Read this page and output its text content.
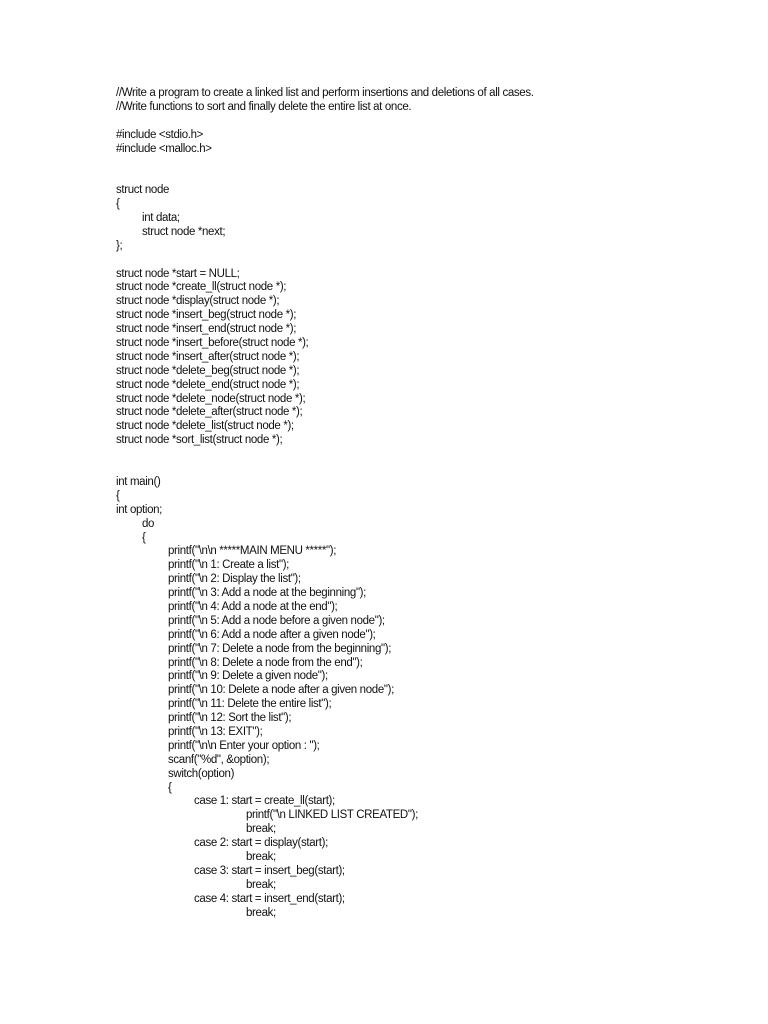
//Write a program to create a linked list and perform insertions and deletions of all cases.
//Write functions to sort and finally delete the entire list at once.
#include <stdio.h>
#include <malloc.h>
struct node
{
int data;
struct node *next;
};
struct node *start = NULL;
struct node *create_ll(struct node *);
struct node *display(struct node *);
struct node *insert_beg(struct node *);
struct node *insert_end(struct node *);
struct node *insert_before(struct node *);
struct node *insert_after(struct node *);
struct node *delete_beg(struct node *);
struct node *delete_end(struct node *);
struct node *delete_node(struct node *);
struct node *delete_after(struct node *);
struct node *delete_list(struct node *);
struct node *sort_list(struct node *);
int main()
{
int option;
do
{
printf("\n\n *****MAIN MENU *****");
printf("\n 1: Create a list");
printf("\n 2: Display the list");
printf("\n 3: Add a node at the beginning");
printf("\n 4: Add a node at the end");
printf("\n 5: Add a node before a given node");
printf("\n 6: Add a node after a given node");
printf("\n 7: Delete a node from the beginning");
printf("\n 8: Delete a node from the end");
printf("\n 9: Delete a given node");
printf("\n 10: Delete a node after a given node");
printf("\n 11: Delete the entire list");
printf("\n 12: Sort the list");
printf("\n 13: EXIT");
printf("\n\n Enter your option : ");
scanf("%d", &option);
switch(option)
{
case 1: start = create_ll(start);
printf("\n LINKED LIST CREATED");
break;
case 2: start = display(start);
break;
case 3: start = insert_beg(start);
break;
case 4: start = insert_end(start);
break;
